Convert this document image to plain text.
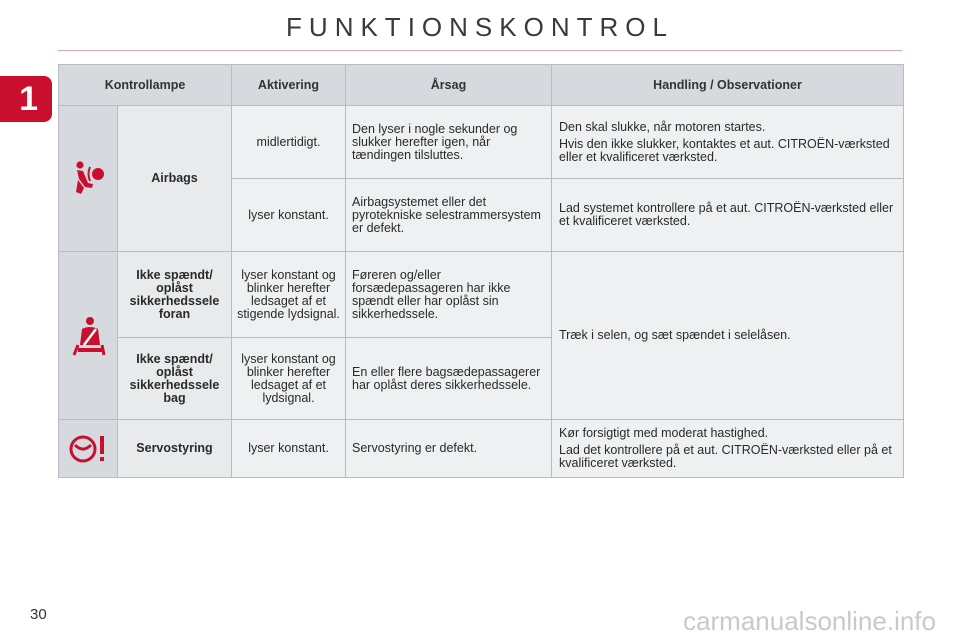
FUNKTIONSKONTROL
1	Kontrollampe		Aktivering	Årsag	Handling / Observationer

	Airbags	midlertidigt.	Den lyser i nogle sekunder og slukker herefter igen, når tændingen tilsluttes.	Den skal slukke, når motoren startes.

Hvis den ikke slukker, kontaktes et aut. CITROËN-værksted eller et kvalificeret værksted.

		lyser konstant.	Airbagsystemet eller det pyrotekniske selestrammersystem er defekt.	Lad systemet kontrollere på et aut. CITROËN-værksted eller et kvalificeret værksted.

	Ikke spændt/ oplåst sikkerhedssele foran	lyser konstant og blinker herefter ledsaget af et stigende lydsignal.	Føreren og/eller forsædepassageren har ikke spændt eller har oplåst sin sikkerhedssele.	Træk i selen, og sæt spændet i selelåsen.
	Ikke spændt/ oplåst sikkerhedssele bag	lyser konstant og blinker herefter ledsaget af et lydsignal.	En eller flere bagsædepassagerer har oplåst deres sikkerhedssele.	

	Servostyring	lyser konstant.	Servostyring er defekt.	Kør forsigtigt med moderat hastighed.

Lad det kontrollere på et aut. CITROËN-værksted eller på et kvalificeret værksted.

30	carmanualsonline.info
